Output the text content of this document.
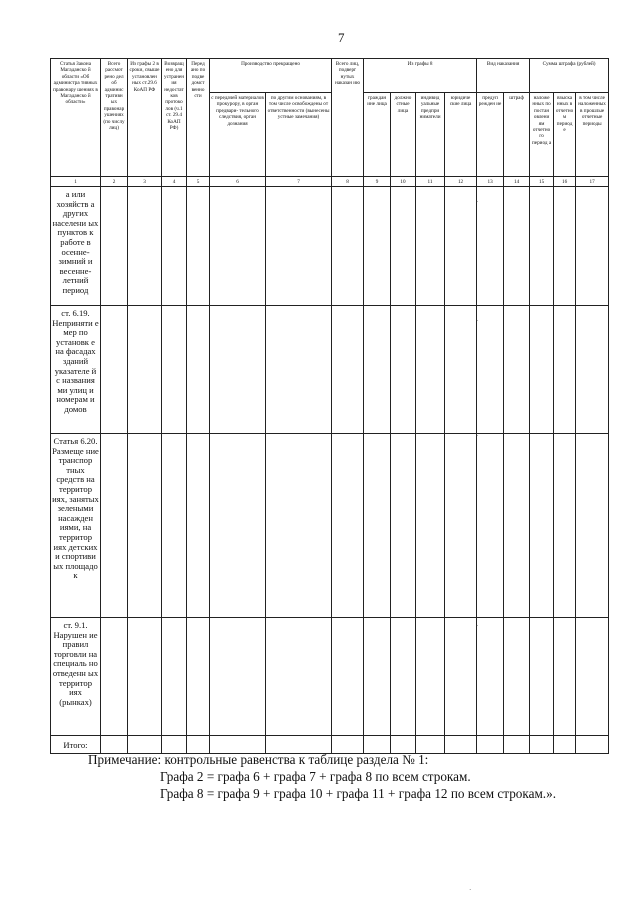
7
Статья Закона Магаданско й области «Об администра тивных правонару шениях в Магаданско й области»	Всего рассмот рено дел об админис тративн ых правонар ушениях (по числу лиц)	Из графы 2 в сроки, свыше установлен ных ст.29.6 КоАП РФ	Возвращ ено для устранен ия недостат ков протоко лов (ч.1 ст. 29.4 КоАП РФ)	Перед ано по подве домст венно сти	Производство прекращено		Всего лиц, подверг нутых наказан ию	Из графы 8				Вид наказания		Сумма штрафа (рублей)		
					с передачей материалов прокурору, в орган предвари- тельного следствия, орган дознания	по другим основаниям, в том числе освобождены от ответственности (вынесены устные замечания)		граждан ине лица	должно стные лица	индивид уальные предпри ниматели	юридиче ские лица	предуп режден ие	штраф	наложе нных по постан овлени ям отчетно го период а	взыска нных в отчетно м период е	в том числе наложенных в прошлые отчетные периоды
1	2	3	4	5	6	7	8	9	10	11	12	13	14	15	16	17
а или хозяйств а других населени ых пунктов к работе в осенне- зимний и весенне- летний период																
ст. 6.19. Неприняти е мер по установк е на фасадах зданий указателе й с названия ми улиц и номерам и домов																
Статья 6.20. Размеще ние транспор тных средств на территор иях, занятых зелеными насажден иями, на территор иях детских и спортиви ых площадо к																
ст. 9.1. Нарушен ие правил торговли на специаль но отведенн ых территор иях (рынках)																
Итого:																
Примечание: контрольные равенства к таблице раздела № 1:
Графа 2 = графа 6 + графа 7 + графа 8 по всем строкам.
Графа 8 = графа 9 + графа 10 + графа 11 + графа 12 по всем строкам.».
·
·
·
·
·
